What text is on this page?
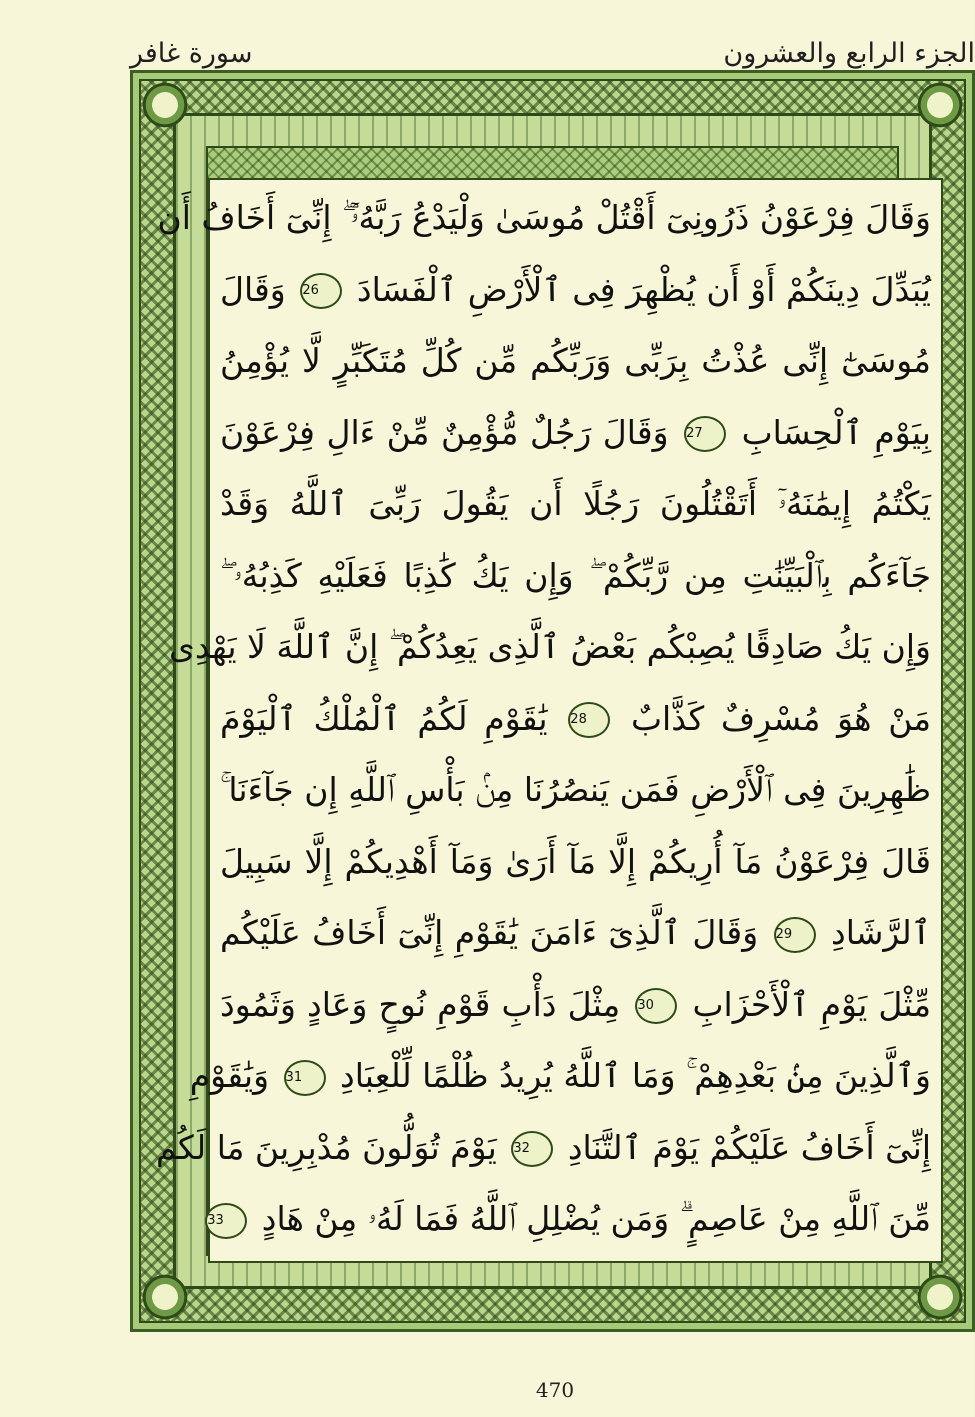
الجزء الرابع والعشرون
سورة غافر
وَقَالَ فِرْعَوْنُ ذَرُونِىٓ أَقْتُلْ مُوسَىٰ وَلْيَدْعُ رَبَّهُۥٓ ۖ إِنِّىٓ أَخَافُ أَن
يُبَدِّلَ دِينَكُمْ أَوْ أَن يُظْهِرَ فِى ٱلْأَرْضِ ٱلْفَسَادَ 26 وَقَالَ
مُوسَىٰٓ إِنِّى عُذْتُ بِرَبِّى وَرَبِّكُم مِّن كُلِّ مُتَكَبِّرٍ لَّا يُؤْمِنُ
بِيَوْمِ ٱلْحِسَابِ 27 وَقَالَ رَجُلٌ مُّؤْمِنٌ مِّنْ ءَالِ فِرْعَوْنَ
يَكْتُمُ إِيمَٰنَهُۥٓ أَتَقْتُلُونَ رَجُلًا أَن يَقُولَ رَبِّىَ ٱللَّهُ وَقَدْ
جَآءَكُم بِٱلْبَيِّنَٰتِ مِن رَّبِّكُمْ ۖ وَإِن يَكُ كَٰذِبًا فَعَلَيْهِ كَذِبُهُۥ ۖ
وَإِن يَكُ صَادِقًا يُصِبْكُم بَعْضُ ٱلَّذِى يَعِدُكُمْ ۖ إِنَّ ٱللَّهَ لَا يَهْدِى
مَنْ هُوَ مُسْرِفٌ كَذَّابٌ 28 يَٰقَوْمِ لَكُمُ ٱلْمُلْكُ ٱلْيَوْمَ
ظَٰهِرِينَ فِى ٱلْأَرْضِ فَمَن يَنصُرُنَا مِنۢ بَأْسِ ٱللَّهِ إِن جَآءَنَا ۚ
قَالَ فِرْعَوْنُ مَآ أُرِيكُمْ إِلَّا مَآ أَرَىٰ وَمَآ أَهْدِيكُمْ إِلَّا سَبِيلَ
ٱلرَّشَادِ 29 وَقَالَ ٱلَّذِىٓ ءَامَنَ يَٰقَوْمِ إِنِّىٓ أَخَافُ عَلَيْكُم
مِّثْلَ يَوْمِ ٱلْأَحْزَابِ 30 مِثْلَ دَأْبِ قَوْمِ نُوحٍ وَعَادٍ وَثَمُودَ
وَٱلَّذِينَ مِنۢ بَعْدِهِمْ ۚ وَمَا ٱللَّهُ يُرِيدُ ظُلْمًا لِّلْعِبَادِ 31 وَيَٰقَوْمِ
إِنِّىٓ أَخَافُ عَلَيْكُمْ يَوْمَ ٱلتَّنَادِ 32 يَوْمَ تُوَلُّونَ مُدْبِرِينَ مَا لَكُم
مِّنَ ٱللَّهِ مِنْ عَاصِمٍ ۗ وَمَن يُضْلِلِ ٱللَّهُ فَمَا لَهُۥ مِنْ هَادٍ 33
470
